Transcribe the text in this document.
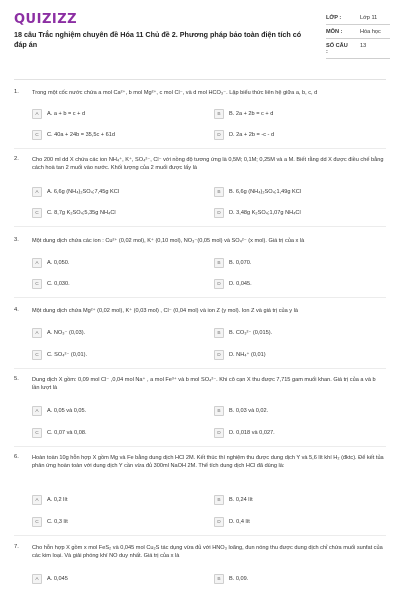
QUIZIZZ
18 câu Trắc nghiệm chuyên đề Hóa 11 Chủ đề 2. Phương pháp bảo toàn điện tích có đáp án
LỚP :	Lớp 11
MÔN :	Hóa học
SỐ CÂU :
13
1. Trong một cốc nước chứa a mol Ca²⁺, b mol Mg²⁺, c mol Cl⁻, và d mol HCO₃⁻. Lập biểu thức liên hệ giữa a, b, c, d
A	A. a + b = c + d	B	B. 2a + 2b = c + d
C	C. 40a + 24b = 35,5c + 61d	D	D. 2a + 2b = -c - d
2. Cho 200 ml dd X chứa các ion NH₄⁺, K⁺, SO₄²⁻, Cl⁻ với nồng độ tương ứng là 0,5M; 0,1M; 0,25M và a M. Biết rằng dd X được điều chế bằng cách hoà tan 2 muối vào nước. Khối lượng của 2 muối được lấy là
A	A. 6,6g (NH₄)₂SO₄;7,45g KCl	B	B. 6,6g (NH₄)₂SO₄;1,49g KCl
C	C. 8,7g K₂SO₄;5,35g NH₄Cl	D	D. 3,48g K₂SO₄;1,07g NH₄Cl
3. Một dung dịch chứa các ion : Cu²⁺ (0,02 mol), K⁺ (0,10 mol), NO₃⁻(0,05 mol) và SO₄²⁻ (x mol). Giá trị của x là
A	A. 0,050.	B	B. 0,070.
C	C. 0,030.	D	D. 0,045.
4. Một dung dịch chứa Mg²⁺ (0,02 mol), K⁺ (0,03 mol) , Cl⁻ (0,04 mol) và ion Z (y mol). Ion Z và giá trị của y là
A	A. NO₃⁻ (0,03).	B	B. CO₃²⁻ (0,015).
C	C. SO₄²⁻ (0,01).	D	D. NH₄⁺ (0,01)
5. Dung dịch X gồm: 0,09 mol Cl⁻ ,0,04 mol Na⁺ , a mol Fe³⁺ và b mol SO₄²⁻. Khi cô cạn X thu được 7,715 gam muối khan. Giá trị của a và b lần lượt là
A	A. 0,05 và 0,05.	B	B. 0,03 và 0,02.
C	C. 0,07 và 0,08.	D	D. 0,018 và 0,027.
6. Hoàn toàn 10g hỗn hợp X gồm Mg và Fe bằng dung dịch HCl 2M. Kết thúc thí nghiệm thu được dung dịch Y và 5,6 lít khí H₂ (đktc). Để kết tủa phản ứng hoàn toàn với dung dịch Y cần vừa đủ 300ml NaOH 2M. Thể tích dung dịch HCl đã dùng là:
A	A. 0,2 lít	B	B. 0,24 lít
C	C. 0,3 lít	D	D. 0,4 lít
7. Cho hỗn hợp X gồm x mol FeS₂ và 0,045 mol Cu₂S tác dụng vừa đủ với HNO₃ loãng, đun nóng thu được dung dịch chỉ chứa muối sunfat của các kim loại. Và giải phóng khí NO duy nhất. Giá trị của x là
A	A. 0,045	B	B. 0,09.
